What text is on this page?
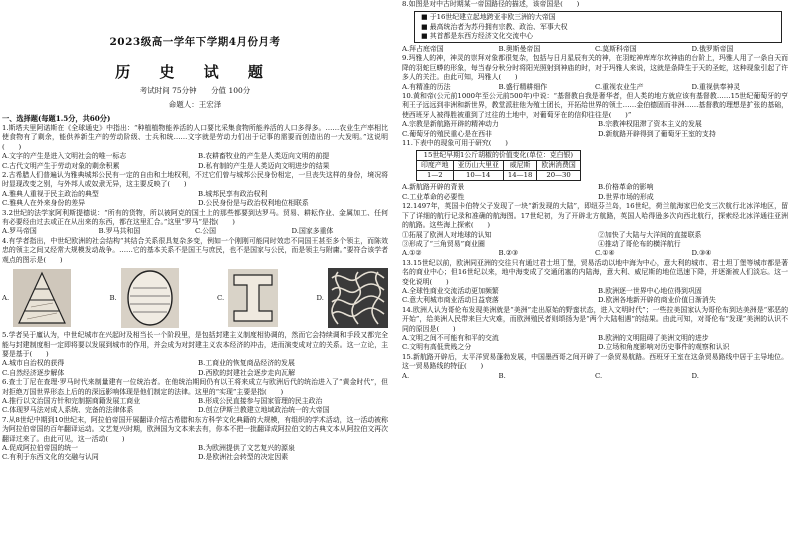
2023级高一学年下学期4月份月考
历 史 试 题
考试时间 75分钟 分值 100分
命题人：王宏泽
一、选择题(每题1.5分，共60分)

1.斯塔夫里阿诺斯在《全球通史》中指出：“种植植物能养活的人口要比采集食物所能养活的人口多得多。……农业生产率相比使食物有了剩余，能供养新生产的劳动阶级、士兵和统……文字就是劳动力们出于记事的需要而创造出的一大发明。”这说明(　　)

A.文字的产生是进入文明社会的唯一标志	B.农耕畜牧业的产生是人类迈向文明的前提
C.古代文明产生于劳动对象的剩余积累	D.私有制的产生是人类迈向文明进步的结果

2.古希腊人们普遍认为雅典城邦公民有一定的自由和土地权利，不过它们曾与城邦公民身份相定，一旦丧失这样的身份，境况将时显现改变之别，与外邦人或奴隶无异，这主要反映了(　　)

A.雅典人重视于民主政治的典型	B.城邦民享有政治权利
C.雅典人在外来身份的差异	D.公民身份是与政治权利地位相联系

3.2世纪的法学家阿利斯提德说：“所有的货物，所以被阿克的国土上的那些都要到达罗马。贸易、耕耘作业、金属加工、任何有必要经由过去或正在从出来的东西，都在这里汇合。”这里“罗马”是指(　　)

A.罗马帝国	B.罗马共和国	C.公国	D.国家多重体

4.有学者指出，中世纪欧洲的社会结构“其结合关系很具复杂多变，例如一个刚刚可能同时效忠不同国王甚至多个领主，而陈效忠的领主之间又经常大规模发动战争。……它的基本关系不是国王与庶民，也不是国家与公民，而是领主与附庸。”要符合该学者观点的图示是(　　)

A.	B.	C.	D.

5.学者吴于廑认为，中世纪城市在兴起时及相当长一个阶段里，是包括封建主义制度相协调的，然而它会持续调和手段又都完全能与封建制度相一定即将要以发展到城市的作用，并会成为对封建主义农本经济的冲击，进而演变成对立的关系。这一立论，主要是基于(　　)

A.城市自治权的获得	B.工商业的恢复商品经济的发展
C.自然经济逐步解体	D.西欧的封建社会逐步走向瓦解

6.查士丁尼在查理·罗马时代来制量建有一位统治者。在他统治期间仍有以王将来成立与欧洲后代的统治进入了“黄金时代”，但对拒绝万国世界形态上后的的深远影响体现是他们制定的法律。这里的“实现”主要是指(　　)

A.推行以文治国方针和完制据商籍发展工商业	B.形成公民直接参与国家管理的民主政治
C.体现罗马法对成人系统、完备的法律体系	D.创立伊斯兰教建立地域政治统一的大帝国

7.从8世纪中期到10世纪末，阿拉伯帝国开展翻译介绍古希腊和东方科学文化典籍的大规模，有组织的学术活动，这一活动被称为阿拉伯帝国的百年翻译运动。文艺复兴时期，欧洲国为文本来去有，你本不把一批翻译成阿拉伯文的古典文本从阿拉伯文再次翻译过来了。由此可见，这一活动(　　)

A.促成阿拉伯帝国的统一	B.为欧洲提供了文艺复兴的源泉
C.有利于东西文化的交融与认同	D.是欧洲社会转型的决定因素

8.如图是对中古时期某一帝国路径的描述，该帝国是(　　)

■ 于16世纪建立起地跨亚非欧三洲的大帝国
■ 最高统治者为苏丹拥有宗教、政治、军事大权
■ 其首都是东西方经济文化交流中心
A.拜占庭帝国	B.奥斯曼帝国	C.莫斯科帝国	D.俄罗斯帝国

9.玛雅人的神，神灵的崇拜对象都很复杂，包括与日月星辰有关的神，在羽蛇神库库尔坎神庙的台阶上，玛雅人用了一条自天而降的羽蛇巨蟒的形象，每当春分秋分时将阳光照射到神庙的时，对于玛雅人来说，这就是条降生于天的圣蛇，这种现象引起了许多人的关注。由此可知，玛雅人(　　)

A.有精准的历法	B.盛行精耕细作	C.重视农业生产	D.重视供奉神灵

10.黄和帝(公元前1000年至公元前500年)中说：“基督教自我是奢华者，但人类的地方就应该有基督教……15世纪葡萄牙的亨利王子远远到非洲和新世界，教堂派驻他为殖士团长，开拓给世界的领土……金伯德固而非洲……基督教的理想是扩张的基础，使西班牙人被得胜被重到了过往的土地中，对葡萄牙在的信仰往往是(　　)”

A.宗教是新航路开辟的精神动力	B.宗教神权阻滞了资本主义的发展
C.葡萄牙的殖民重心是在西非	D.新航路开辟得到了葡萄牙王室的支持

11.下表中的现象可用于研究(　　)

15世纪早期1公斤胡椒的价值变化(单位：克白银)			
印度产地	亚历山大里亚	威尼斯	欧洲消费国
1—2	10—14	14—18	20—30
A.新航路开辟的背景	B.价格革命的影响
C.工业革命的必要性	D.世界市场的形成

12.1497年，英国卡伯特父子发现了一块“新发现的大陆”，即纽芬兰岛，16世纪，荷兰航海家巴伦支三次航行北冰洋地区，留下了详细的航行记录和准确的航海图。17世纪初，为了开辟北方航路，英国人哈得逊多次向西北航行，探索经北冰洋通往亚洲的航路。这些海上探索(　　)

①拓展了欧洲人对地球的认知	②加快了大陆与大洋间的直接联系
③形成了“三角贸易”商业圈	④推动了哥伦布的横洋航行
A.①②	B.②③	C.①④	D.③④

13.15世纪以前，欧洲同亚洲的交往只有通过君士坦丁堡，贸易活动以地中海为中心，意大利的城市、君士坦丁堡等城市都是著名的商业中心；但16世纪以来，地中海变成了交通闭塞的内陆海，意大利、威尼斯的地位迅速下降，并逐渐被人们淡忘。这一变化说明(　　)

A.全球性商业交流活动更加频繁	B.欧洲逐一世界中心地位得到巩固
C.意大利城市商业活动日益衰落	D.欧洲各地新开辟的商业价值日渐消失

14.欧洲人认为哥伦布发现美洲就是“美洲”走出原始的野蛮状态，进入文明时代”；一些拉美国家认为哥伦布到达美洲是“邪恶的开始”，给美洲人民带来巨大灾难，而欧洲殖民者则颂扬为是“两个大陆相遇”的结果。由此可知，对哥伦布“发现”美洲的认识不同的原因是(　　)

A.文明之间不可能有和平的交流	B.欧洲的文明阻碍了美洲文明的进步
C.文明有高低贵贱之分	D.立场和角度影响对历史事件的观察和认识

15.新航路开辟后，太平洋贸易蓬勃发展，中国墨西哥之间开辟了一条贸易航路。西班牙王室在这条贸易路线中居于主导地位。这一贸易路线的特征(　　)

A.	B.	C.	D.
